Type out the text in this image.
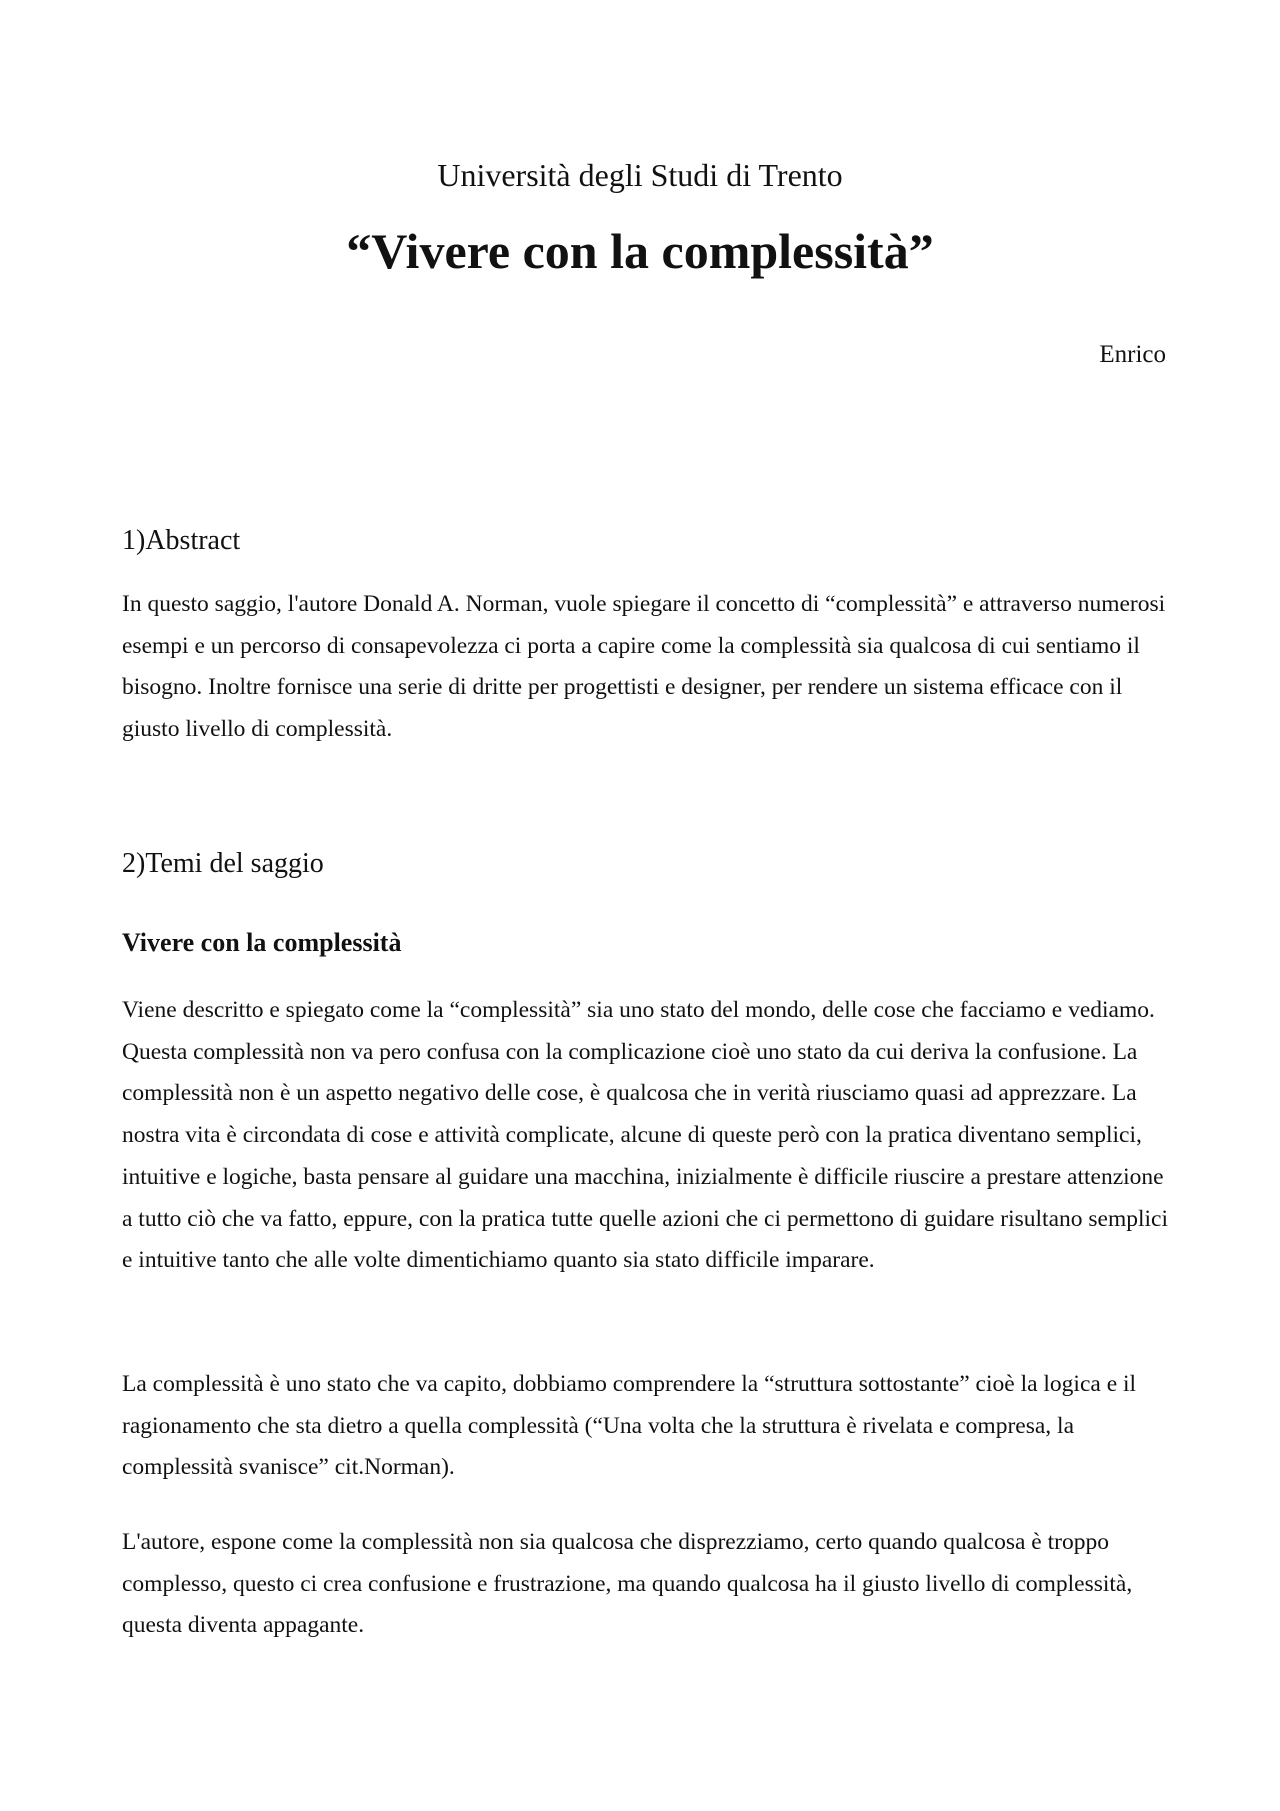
Università degli Studi di Trento
“Vivere con la complessità”
Enrico
1)Abstract

In questo saggio, l'autore Donald A. Norman, vuole spiegare il concetto di “complessità” e attraverso numerosi esempi e un percorso di consapevolezza ci porta a capire come la complessità sia qualcosa di cui sentiamo il bisogno. Inoltre fornisce una serie di dritte per progettisti e designer, per rendere un sistema efficace con il giusto livello di complessità.

2)Temi del saggio
Vivere con la complessità

Viene descritto e spiegato come la “complessità” sia uno stato del mondo, delle cose che facciamo e vediamo. Questa complessità non va pero confusa con la complicazione cioè uno stato da cui deriva la confusione. La complessità non è un aspetto negativo delle cose, è qualcosa che in verità riusciamo quasi ad apprezzare. La nostra vita è circondata di cose e attività complicate, alcune di queste però con la pratica diventano semplici, intuitive e logiche, basta pensare al guidare una macchina, inizialmente è difficile riuscire a prestare attenzione a tutto ciò che va fatto, eppure, con la pratica tutte quelle azioni che ci permettono di guidare risultano semplici e intuitive tanto che alle volte dimentichiamo quanto sia stato difficile imparare.

La complessità è uno stato che va capito, dobbiamo comprendere la “struttura sottostante” cioè la logica e il ragionamento che sta dietro a quella complessità (“Una volta che la struttura è rivelata e compresa, la complessità svanisce” cit.Norman).

L'autore, espone come la complessità non sia qualcosa che disprezziamo, certo quando qualcosa è troppo complesso, questo ci crea confusione e frustrazione, ma quando qualcosa ha il giusto livello di complessità, questa diventa appagante.
